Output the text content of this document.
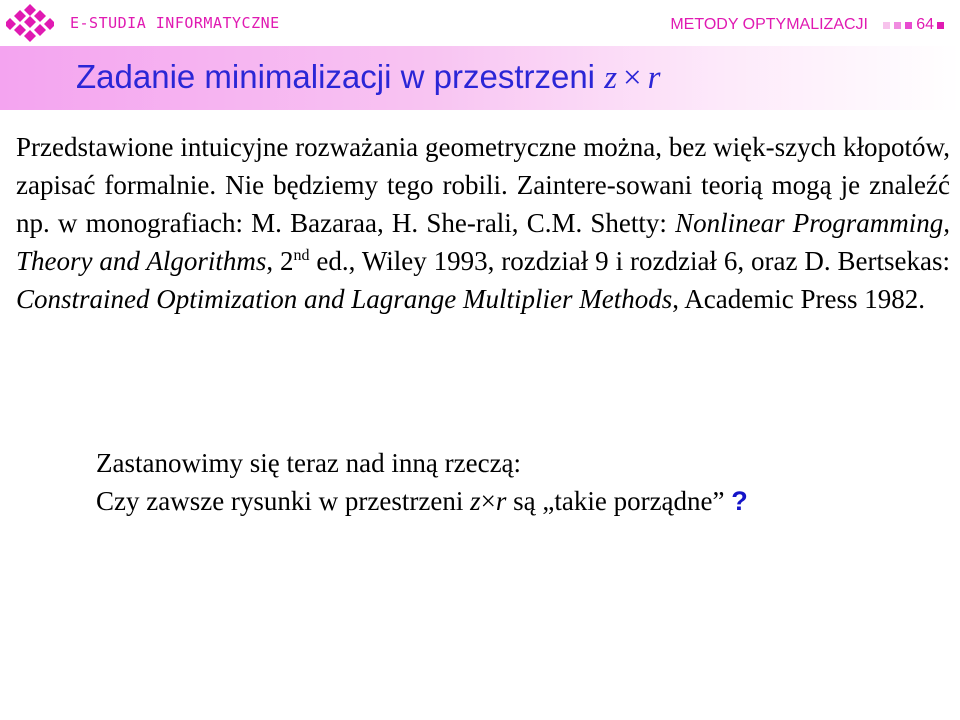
E-STUDIA INFORMATYCZNE	METODY OPTYMALIZACJI	64
Zadanie minimalizacji w przestrzeni z × r
Przedstawione intuicyjne rozważania geometryczne można, bez więk-szych kłopotów, zapisać formalnie. Nie będziemy tego robili. Zaintere-sowani teorią mogą je znaleźć np. w monografiach: M. Bazaraa, H. She-rali, C.M. Shetty: Nonlinear Programming, Theory and Algorithms, 2nd ed., Wiley 1993, rozdział 9 i rozdział 6, oraz D. Bertsekas: Constrained Optimization and Lagrange Multiplier Methods, Academic Press 1982.
Zastanowimy się teraz nad inną rzeczą:
Czy zawsze rysunki w przestrzeni z×r są „takie porządne” ?
